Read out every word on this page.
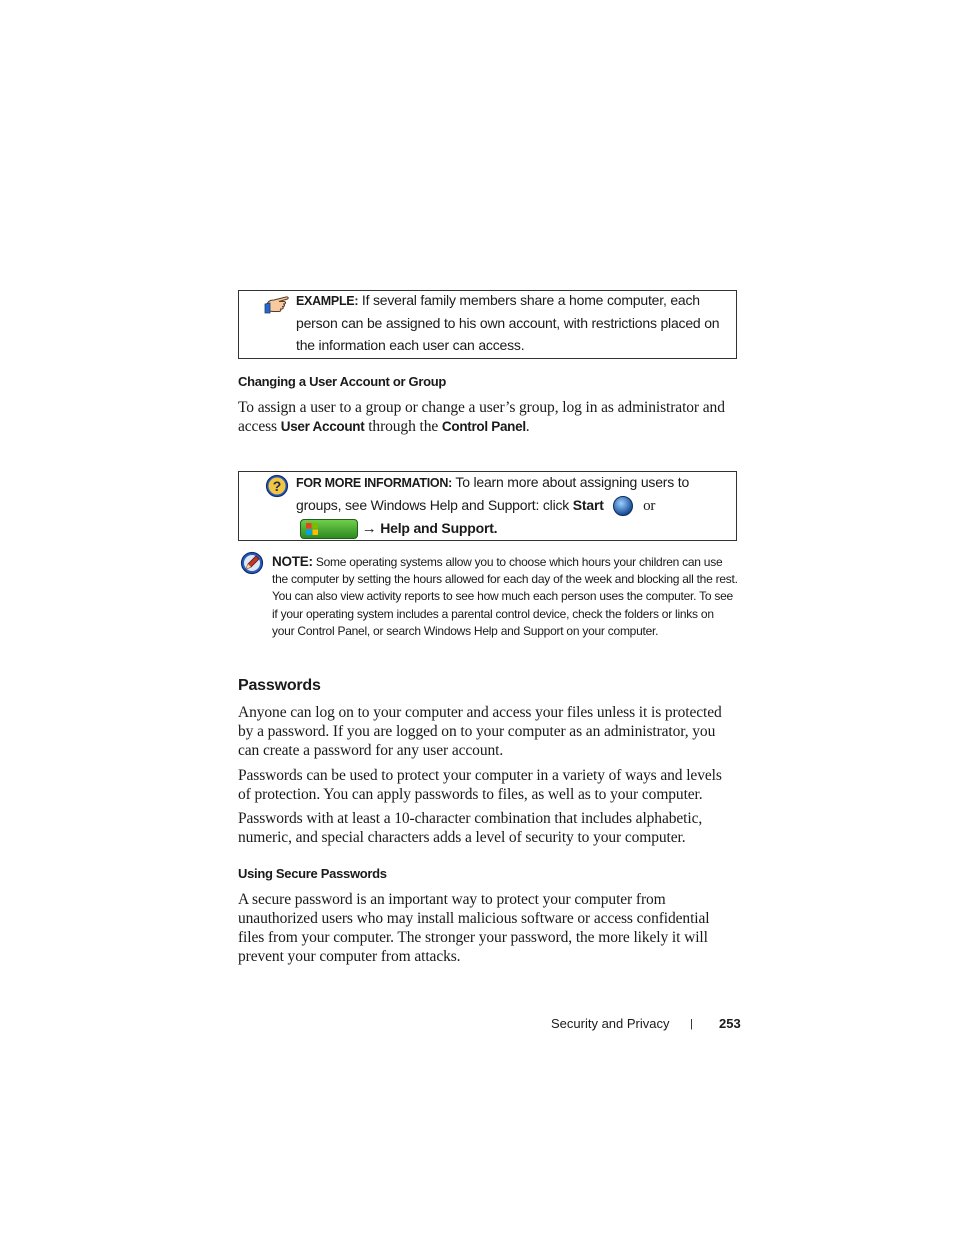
EXAMPLE: If several family members share a home computer, each person can be assigned to his own account, with restrictions placed on the information each user can access.
Changing a User Account or Group

To assign a user to a group or change a user’s group, log in as administrator and access User Account through the Control Panel.

? FOR MORE INFORMATION: To learn more about assigning users to
groups, see Windows Help and Support: click Start	or
→ Help and Support.
NOTE: Some operating systems allow you to choose which hours your children can use the computer by setting the hours allowed for each day of the week and blocking all the rest. You can also view activity reports to see how much each person uses the computer. To see if your operating system includes a parental control device, check the folders or links on your Control Panel, or search Windows Help and Support on your computer.
Passwords

Anyone can log on to your computer and access your files unless it is protected by a password. If you are logged on to your computer as an administrator, you can create a password for any user account.

Passwords can be used to protect your computer in a variety of ways and levels of protection. You can apply passwords to files, as well as to your computer.

Passwords with at least a 10-character combination that includes alphabetic, numeric, and special characters adds a level of security to your computer.

Using Secure Passwords

A secure password is an important way to protect your computer from unauthorized users who may install malicious software or access confidential files from your computer. The stronger your password, the more likely it will prevent your computer from attacks.

Security and Privacy | 253
